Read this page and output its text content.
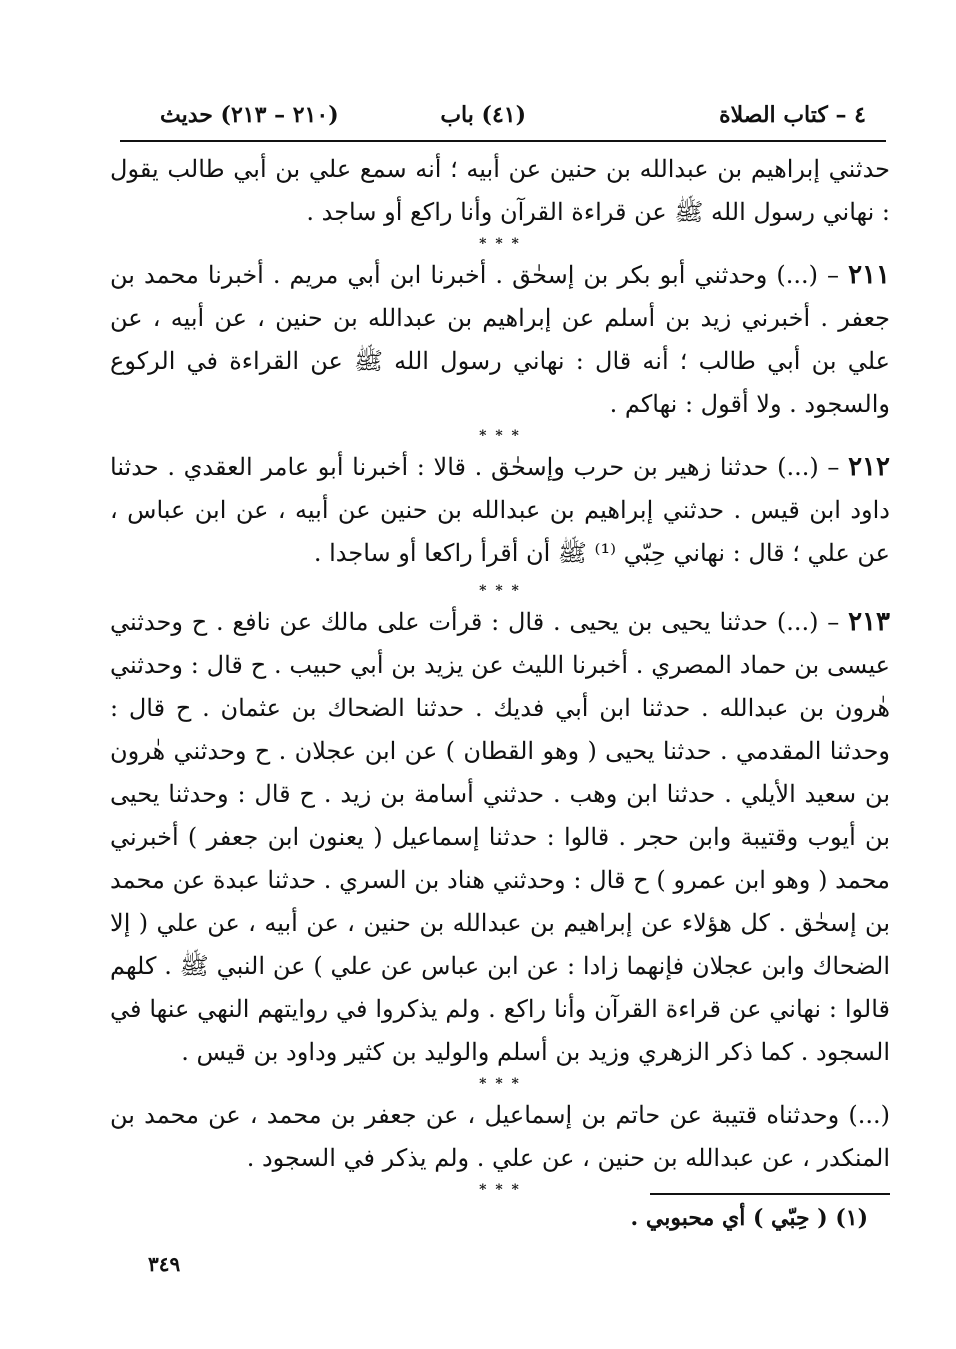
٤ – كتاب الصلاة
(٤١) باب
(٢١٠ – ٢١٣) حديث

حدثني إبراهيم بن عبدالله بن حنين عن أبيه ؛ أنه سمع علي بن أبي طالب يقول : نهاني رسول الله ﷺ عن قراءة القرآن وأنا راكع أو ساجد .

* * *

٢١١ – (...) وحدثني أبو بكر بن إسحٰق . أخبرنا ابن أبي مريم . أخبرنا محمد بن جعفر . أخبرني زيد بن أسلم عن إبراهيم بن عبدالله بن حنين ، عن أبيه ، عن علي بن أبي طالب ؛ أنه قال : نهاني رسول الله ﷺ عن القراءة في الركوع والسجود . ولا أقول : نهاكم .

* * *

٢١٢ – (...) حدثنا زهير بن حرب وإسحٰق . قالا : أخبرنا أبو عامر العقدي . حدثنا داود ابن قيس . حدثني إبراهيم بن عبدالله بن حنين عن أبيه ، عن ابن عباس ، عن علي ؛ قال : نهاني حِبّي ⁽¹⁾ ﷺ أن أقرأ راكعا أو ساجدا .

* * *

٢١٣ – (...) حدثنا يحيى بن يحيى . قال : قرأت على مالك عن نافع . ح وحدثني عيسى بن حماد المصري . أخبرنا الليث عن يزيد بن أبي حبيب . ح قال : وحدثني هٰرون بن عبدالله . حدثنا ابن أبي فديك . حدثنا الضحاك بن عثمان . ح قال : وحدثنا المقدمي . حدثنا يحيى ( وهو القطان ) عن ابن عجلان . ح وحدثني هٰرون بن سعيد الأيلي . حدثنا ابن وهب . حدثني أسامة بن زيد . ح قال : وحدثنا يحيى بن أيوب وقتيبة وابن حجر . قالوا : حدثنا إسماعيل ( يعنون ابن جعفر ) أخبرني محمد ( وهو ابن عمرو ) ح قال : وحدثني هناد بن السري . حدثنا عبدة عن محمد بن إسحٰق . كل هؤلاء عن إبراهيم بن عبدالله بن حنين ، عن أبيه ، عن علي ( إلا الضحاك وابن عجلان فإنهما زادا : عن ابن عباس عن علي ) عن النبي ﷺ . كلهم قالوا : نهاني عن قراءة القرآن وأنا راكع . ولم يذكروا في روايتهم النهي عنها في السجود . كما ذكر الزهري وزيد بن أسلم والوليد بن كثير وداود بن قيس .

* * *

(...) وحدثناه قتيبة عن حاتم بن إسماعيل ، عن جعفر بن محمد ، عن محمد بن المنكدر ، عن عبدالله بن حنين ، عن علي . ولم يذكر في السجود .

* * *
(١) ( حِبّي ) أي محبوبي .
٣٤٩
